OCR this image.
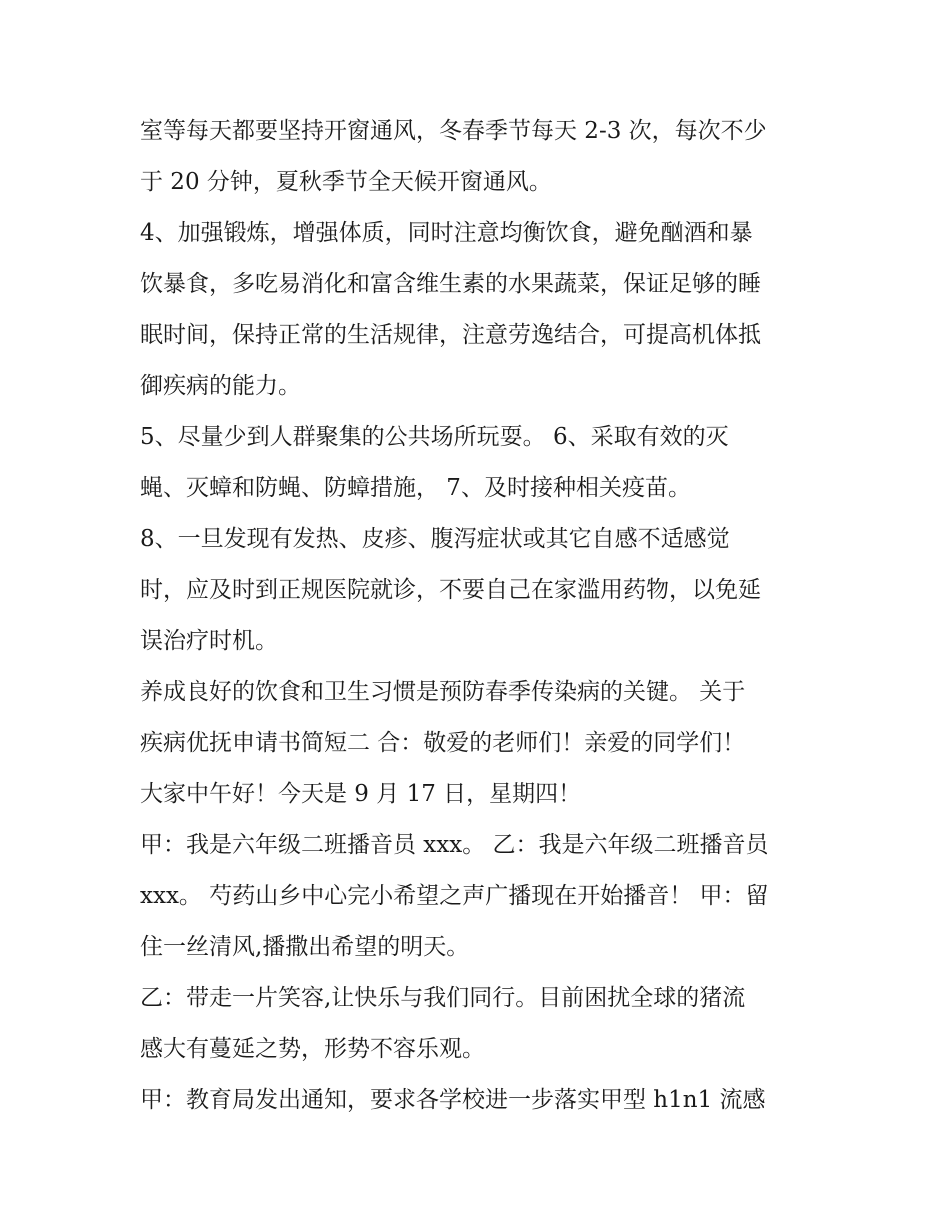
室等每天都要坚持开窗通风，冬春季节每天 2-3 次，每次不少
于 20 分钟，夏秋季节全天候开窗通风。
4、加强锻炼，增强体质，同时注意均衡饮食，避免酗酒和暴
饮暴食，多吃易消化和富含维生素的水果蔬菜，保证足够的睡
眠时间，保持正常的生活规律，注意劳逸结合，可提高机体抵
御疾病的能力。
5、尽量少到人群聚集的公共场所玩耍。 6、采取有效的灭
蝇、灭蟑和防蝇、防蟑措施， 7、及时接种相关疫苗。
8、一旦发现有发热、皮疹、腹泻症状或其它自感不适感觉
时，应及时到正规医院就诊，不要自己在家滥用药物，以免延
误治疗时机。
养成良好的饮食和卫生习惯是预防春季传染病的关键。 关于
疾病优抚申请书简短二 合：敬爱的老师们！亲爱的同学们！
大家中午好！今天是 9 月 17 日，星期四！
甲：我是六年级二班播音员 xxx。 乙：我是六年级二班播音员
xxx。 芍药山乡中心完小希望之声广播现在开始播音！ 甲：留
住一丝清风,播撒出希望的明天。
乙：带走一片笑容,让快乐与我们同行。目前困扰全球的猪流
感大有蔓延之势，形势不容乐观。
甲：教育局发出通知，要求各学校进一步落实甲型 h1n1 流感
